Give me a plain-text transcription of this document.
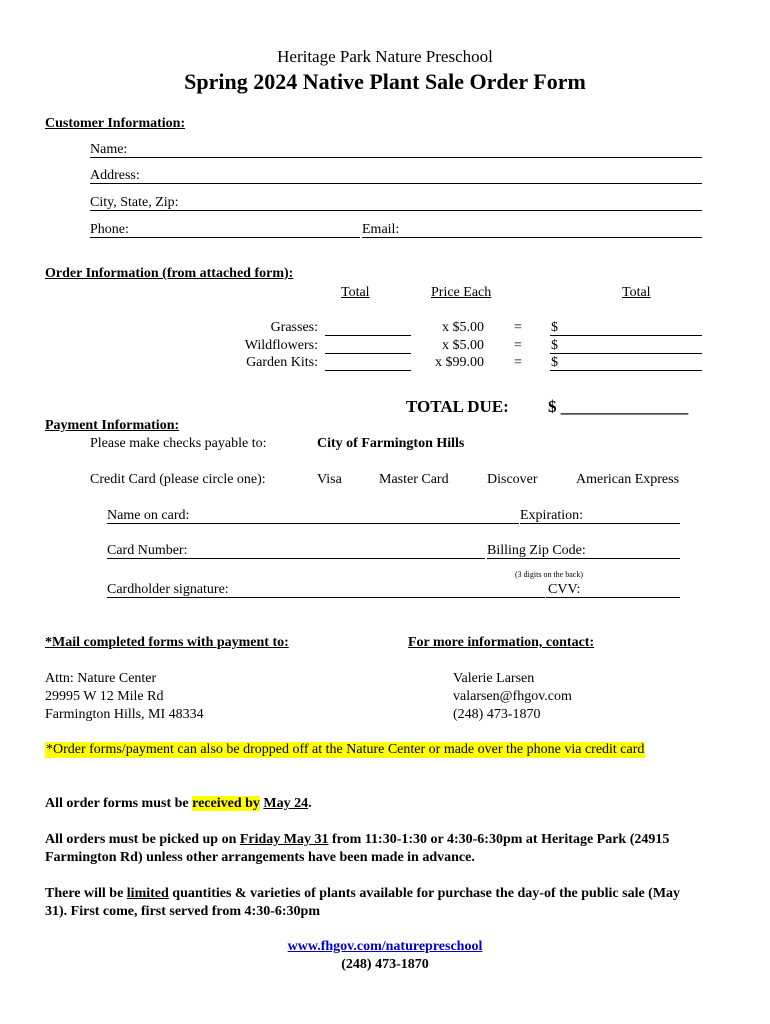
Heritage Park Nature Preschool
Spring 2024 Native Plant Sale Order Form
Customer Information:
Name:
Address:
City, State, Zip:
Phone:	Email:
Order Information (from attached form):
Total	Price Each	Total
Grasses:	x $5.00 = $
Wildflowers:	x $5.00 = $
Garden Kits:	x $99.00 = $
TOTAL DUE: $ _______________
Payment Information:
Please make checks payable to:	City of Farmington Hills
Credit Card (please circle one):	Visa	Master Card	Discover	American Express
Name on card:	Expiration:
Card Number:	Billing Zip Code:
(3 digits on the back)
Cardholder signature:	CVV:
*Mail completed forms with payment to:	For more information, contact:
Attn: Nature Center
29995 W 12 Mile Rd
Farmington Hills, MI 48334
Valerie Larsen
valarsen@fhgov.com
(248) 473-1870
*Order forms/payment can also be dropped off at the Nature Center or made over the phone via credit card
All order forms must be received by May 24.
All orders must be picked up on Friday May 31 from 11:30-1:30 or 4:30-6:30pm at Heritage Park (24915
Farmington Rd) unless other arrangements have been made in advance.
There will be limited quantities & varieties of plants available for purchase the day-of the public sale (May
31). First come, first served from 4:30-6:30pm
www.fhgov.com/naturepreschool
(248) 473-1870
